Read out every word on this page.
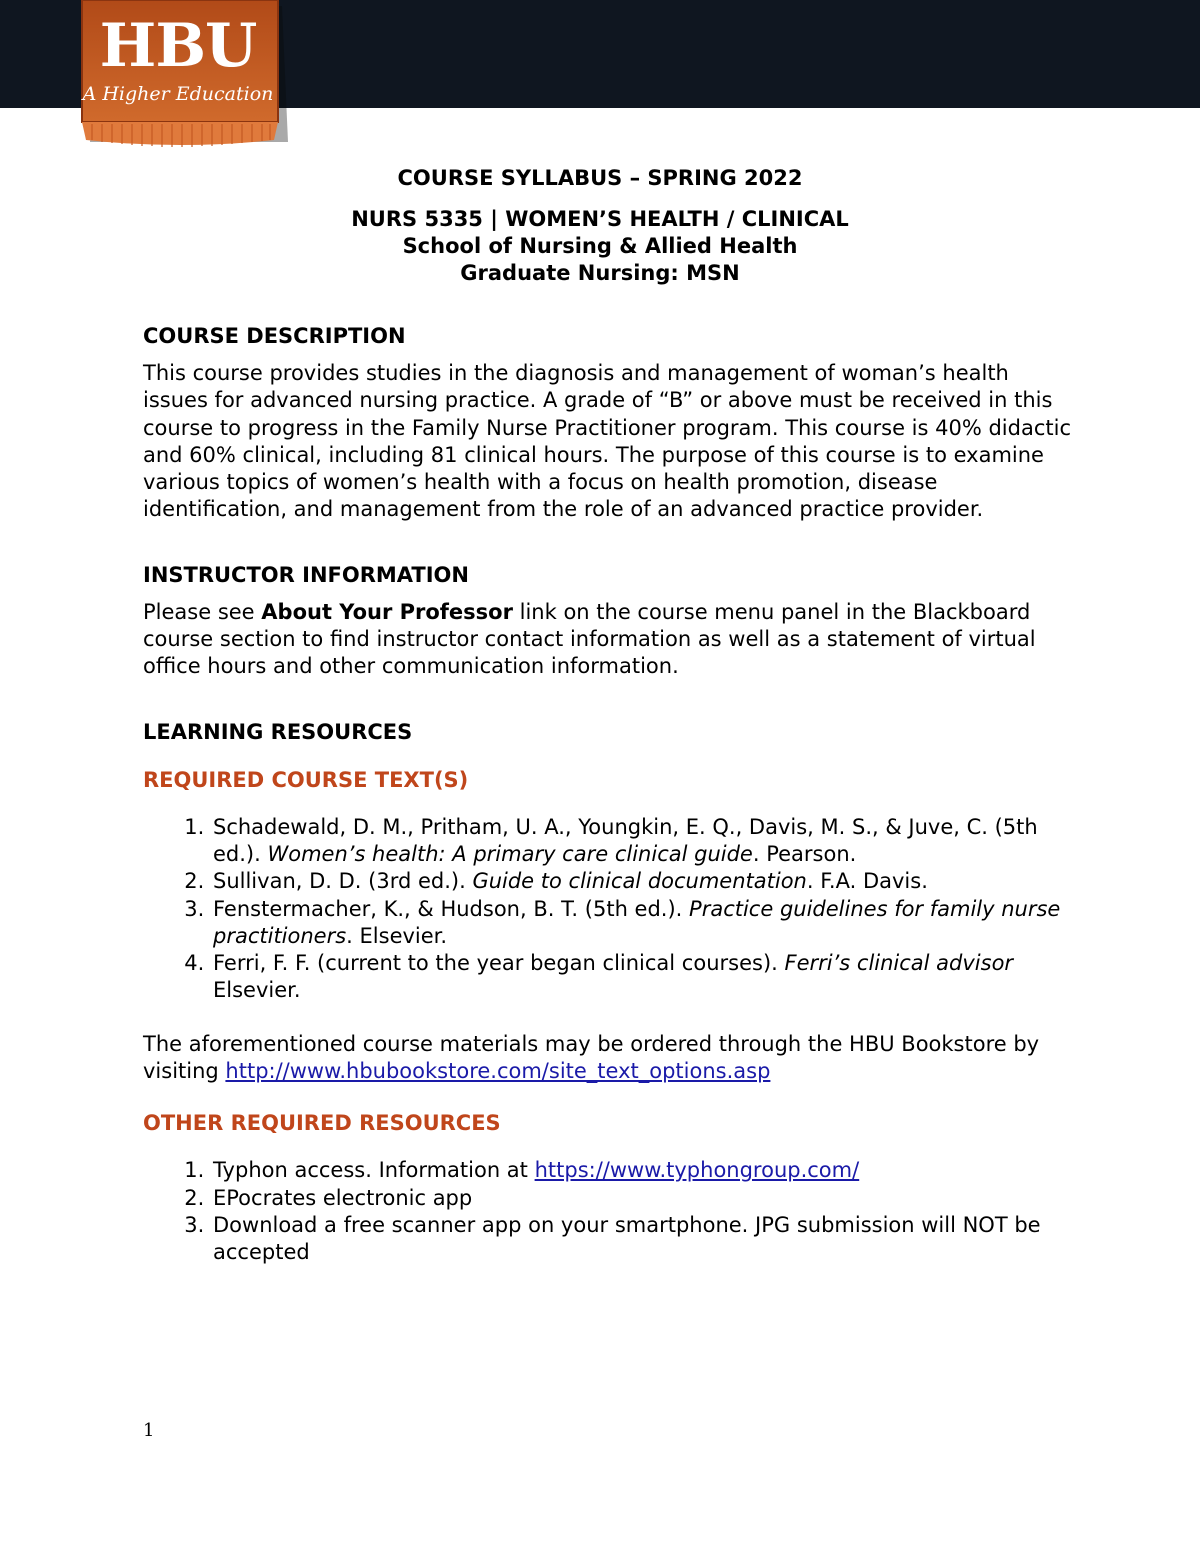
HBU
A Higher Education

COURSE SYLLABUS – SPRING 2022

NURS 5335 | WOMEN’S HEALTH / CLINICAL

School of Nursing & Allied Health

Graduate Nursing: MSN

COURSE DESCRIPTION

This course provides studies in the diagnosis and management of woman’s health issues for advanced nursing practice. A grade of “B” or above must be received in this course to progress in the Family Nurse Practitioner program. This course is 40% didactic and 60% clinical, including 81 clinical hours. The purpose of this course is to examine various topics of women’s health with a focus on health promotion, disease identification, and management from the role of an advanced practice provider.

INSTRUCTOR INFORMATION

Please see About Your Professor link on the course menu panel in the Blackboard course section to find instructor contact information as well as a statement of virtual office hours and other communication information.

LEARNING RESOURCES
REQUIRED COURSE TEXT(S)
1. Schadewald, D. M., Pritham, U. A., Youngkin, E. Q., Davis, M. S., & Juve, C. (5th ed.). Women’s health: A primary care clinical guide. Pearson.
2. Sullivan, D. D. (3rd ed.). Guide to clinical documentation. F.A. Davis.
3. Fenstermacher, K., & Hudson, B. T. (5th ed.). Practice guidelines for family nurse practitioners. Elsevier.
4. Ferri, F. F. (current to the year began clinical courses). Ferri’s clinical advisor Elsevier.

The aforementioned course materials may be ordered through the HBU Bookstore by visiting http://www.hbubookstore.com/site_text_options.asp

OTHER REQUIRED RESOURCES
1. Typhon access. Information at https://www.typhongroup.com/
2. EPocrates electronic app
3. Download a free scanner app on your smartphone. JPG submission will NOT be accepted
1
